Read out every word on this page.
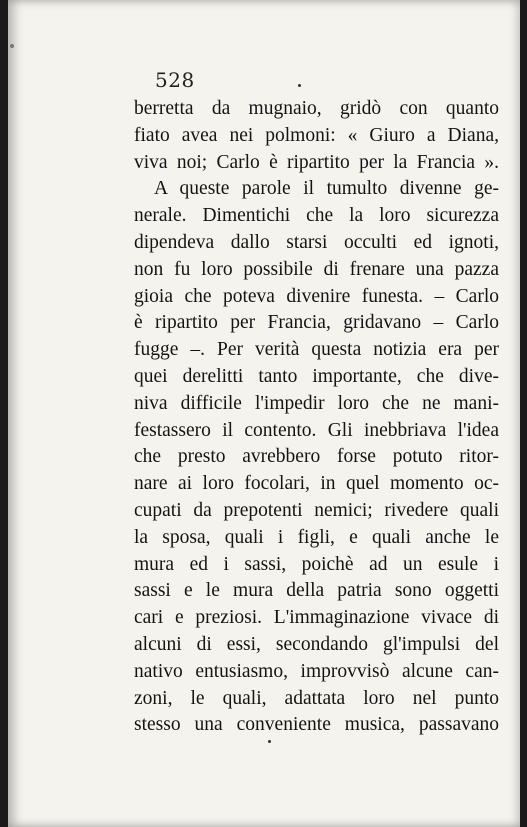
528
berretta da mugnaio, gridò con quanto
fiato avea nei polmoni: « Giuro a Diana,
viva noi; Carlo è ripartito per la Francia ».
A queste parole il tumulto divenne ge-
nerale. Dimentichi che la loro sicurezza
dipendeva dallo starsi occulti ed ignoti,
non fu loro possibile di frenare una pazza
gioia che poteva divenire funesta. – Carlo
è ripartito per Francia, gridavano – Carlo
fugge –. Per verità questa notizia era per
quei derelitti tanto importante, che dive-
niva difficile l'impedir loro che ne mani-
festassero il contento. Gli inebbriava l'idea
che presto avrebbero forse potuto ritor-
nare ai loro focolari, in quel momento oc-
cupati da prepotenti nemici; rivedere quali
la sposa, quali i figli, e quali anche le
mura ed i sassi, poichè ad un esule i
sassi e le mura della patria sono oggetti
cari e preziosi. L'immaginazione vivace di
alcuni di essi, secondando gl'impulsi del
nativo entusiasmo, improvvisò alcune can-
zoni, le quali, adattata loro nel punto
stesso una conveniente musica, passavano
